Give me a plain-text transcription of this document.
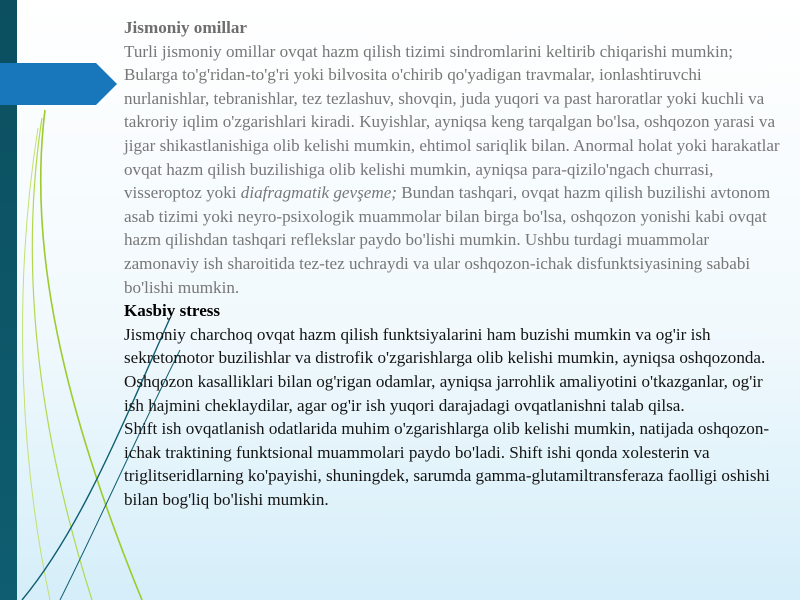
Jismoniy omillar

Turli jismoniy omillar ovqat hazm qilish tizimi sindromlarini keltirib chiqarishi mumkin; Bularga to'g'ridan-to'g'ri yoki bilvosita o'chirib qo'yadigan travmalar, ionlashtiruvchi nurlanishlar, tebranishlar, tez tezlashuv, shovqin, juda yuqori va past haroratlar yoki kuchli va takroriy iqlim o'zgarishlari kiradi. Kuyishlar, ayniqsa keng tarqalgan bo'lsa, oshqozon yarasi va jigar shikastlanishiga olib kelishi mumkin, ehtimol sariqlik bilan. Anormal holat yoki harakatlar ovqat hazm qilish buzilishiga olib kelishi mumkin, ayniqsa para-qizilo'ngach churrasi, visseroptoz yoki diafragmatik gevşeme; Bundan tashqari, ovqat hazm qilish buzilishi avtonom asab tizimi yoki neyro-psixologik muammolar bilan birga bo'lsa, oshqozon yonishi kabi ovqat hazm qilishdan tashqari reflekslar paydo bo'lishi mumkin. Ushbu turdagi muammolar zamonaviy ish sharoitida tez-tez uchraydi va ular oshqozon-ichak disfunktsiyasining sababi bo'lishi mumkin.

Kasbiy stress

Jismoniy charchoq ovqat hazm qilish funktsiyalarini ham buzishi mumkin va og'ir ish sekretomotor buzilishlar va distrofik o'zgarishlarga olib kelishi mumkin, ayniqsa oshqozonda. Oshqozon kasalliklari bilan og'rigan odamlar, ayniqsa jarrohlik amaliyotini o'tkazganlar, og'ir ish hajmini cheklaydilar, agar og'ir ish yuqori darajadagi ovqatlanishni talab qilsa.

Shift ish ovqatlanish odatlarida muhim o'zgarishlarga olib kelishi mumkin, natijada oshqozon-ichak traktining funktsional muammolari paydo bo'ladi. Shift ishi qonda xolesterin va triglitseridlarning ko'payishi, shuningdek, sarumda gamma-glutamiltransferaza faolligi oshishi bilan bog'liq bo'lishi mumkin.
